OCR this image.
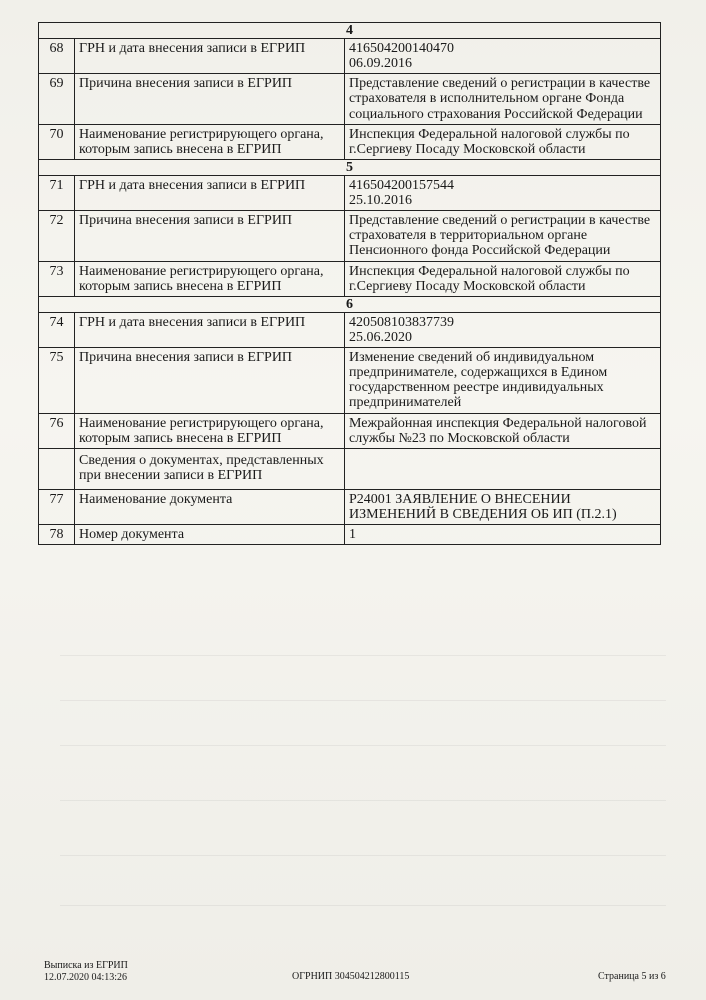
4		
68	ГРН и дата внесения записи в ЕГРИП	416504200140470
06.09.2016
69	Причина внесения записи в ЕГРИП	Представление сведений о регистрации в качестве страхователя в исполнительном органе Фонда социального страхования Российской Федерации
70	Наименование регистрирующего органа, которым запись внесена в ЕГРИП	Инспекция Федеральной налоговой службы по г.Сергиеву Посаду Московской области
5		
71	ГРН и дата внесения записи в ЕГРИП	416504200157544
25.10.2016
72	Причина внесения записи в ЕГРИП	Представление сведений о регистрации в качестве страхователя в территориальном органе Пенсионного фонда Российской Федерации
73	Наименование регистрирующего органа, которым запись внесена в ЕГРИП	Инспекция Федеральной налоговой службы по г.Сергиеву Посаду Московской области
6		
74	ГРН и дата внесения записи в ЕГРИП	420508103837739
25.06.2020
75	Причина внесения записи в ЕГРИП	Изменение сведений об индивидуальном предпринимателе, содержащихся в Едином государственном реестре индивидуальных предпринимателей
76	Наименование регистрирующего органа, которым запись внесена в ЕГРИП	Межрайонная инспекция Федеральной налоговой службы №23 по Московской области
	Сведения о документах, представленных при внесении записи в ЕГРИП	
77	Наименование документа	Р24001 ЗАЯВЛЕНИЕ О ВНЕСЕНИИ ИЗМЕНЕНИЙ В СВЕДЕНИЯ ОБ ИП (П.2.1)
78	Номер документа	1
Выписка из ЕГРИП
12.07.2020 04:13:26	ОГРНИП 304504212800115	Страница 5 из 6
